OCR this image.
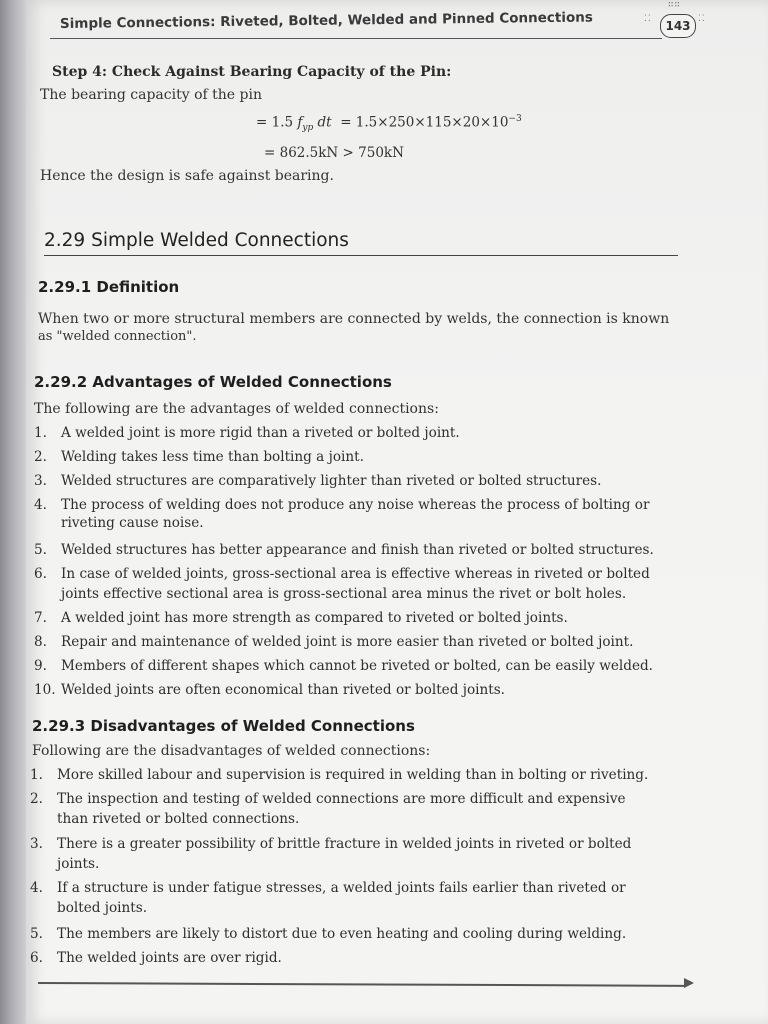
Simple Connections: Riveted, Bolted, Welded and Pinned Connections	⁚⁚
∷∷
⁚⁚
143
Step 4: Check Against Bearing Capacity of the Pin:
The bearing capacity of the pin
= 1.5 $f_{yp}$ dt = $1.5\times 250\times 115\times 20\times 10^{-3}$
= 862.5kN > 750kN
Hence the design is safe against bearing.
2.29 Simple Welded Connections
2.29.1 Definition
When two or more structural members are connected by welds, the connection is known
as "welded connection".
2.29.2 Advantages of Welded Connections
The following are the advantages of welded connections:
1. A welded joint is more rigid than a riveted or bolted joint.
2. Welding takes less time than bolting a joint.
3. Welded structures are comparatively lighter than riveted or bolted structures.
4. The process of welding does not produce any noise whereas the process of bolting or
riveting cause noise.
5. Welded structures has better appearance and finish than riveted or bolted structures.
6. In case of welded joints, gross-sectional area is effective whereas in riveted or bolted
joints effective sectional area is gross-sectional area minus the rivet or bolt holes.
7. A welded joint has more strength as compared to riveted or bolted joints.
8. Repair and maintenance of welded joint is more easier than riveted or bolted joint.
9. Members of different shapes which cannot be riveted or bolted, can be easily welded.
10. Welded joints are often economical than riveted or bolted joints.
2.29.3 Disadvantages of Welded Connections
Following are the disadvantages of welded connections:
1. More skilled labour and supervision is required in welding than in bolting or riveting.
2. The inspection and testing of welded connections are more difficult and expensive
than riveted or bolted connections.
3. There is a greater possibility of brittle fracture in welded joints in riveted or bolted
joints.
4. If a structure is under fatigue stresses, a welded joints fails earlier than riveted or
bolted joints.
5. The members are likely to distort due to even heating and cooling during welding.
6. The welded joints are over rigid.
